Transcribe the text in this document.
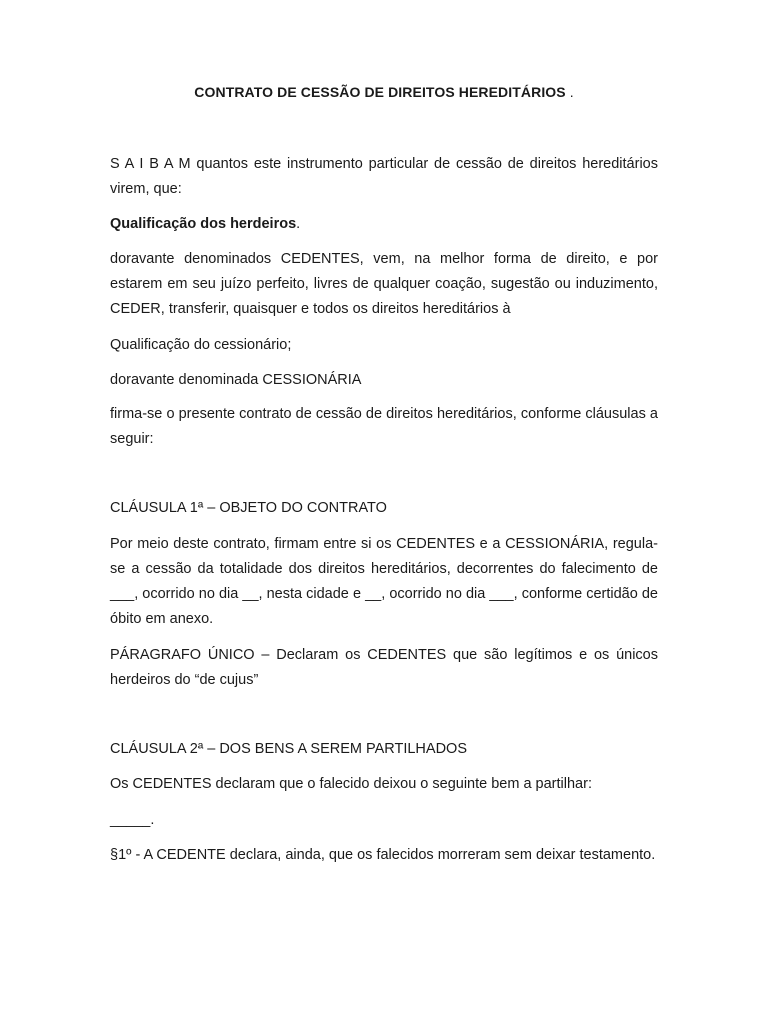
CONTRATO DE CESSÃO DE DIREITOS HEREDITÁRIOS .
S A I B A M quantos este instrumento particular de cessão de direitos hereditários virem, que:
Qualificação dos herdeiros.
doravante denominados CEDENTES, vem, na melhor forma de direito, e por estarem em seu juízo perfeito, livres de qualquer coação, sugestão ou induzimento, CEDER, transferir, quaisquer e todos os direitos hereditários à
Qualificação do cessionário;
doravante denominada CESSIONÁRIA
firma-se o presente contrato de cessão de direitos hereditários, conforme cláusulas a seguir:
CLÁUSULA 1ª – OBJETO DO CONTRATO
Por meio deste contrato, firmam entre si os CEDENTES e a CESSIONÁRIA, regula-se a cessão da totalidade dos direitos hereditários, decorrentes do falecimento de ___, ocorrido no dia __, nesta cidade e __, ocorrido no dia ___, conforme certidão de óbito em anexo.
PÁRAGRAFO ÚNICO – Declaram os CEDENTES que são legítimos e os únicos herdeiros do “de cujus”
CLÁUSULA 2ª – DOS BENS A SEREM PARTILHADOS
Os CEDENTES declaram que o falecido deixou o seguinte bem a partilhar:
_____.
§1º - A CEDENTE declara, ainda, que os falecidos morreram sem deixar testamento.
